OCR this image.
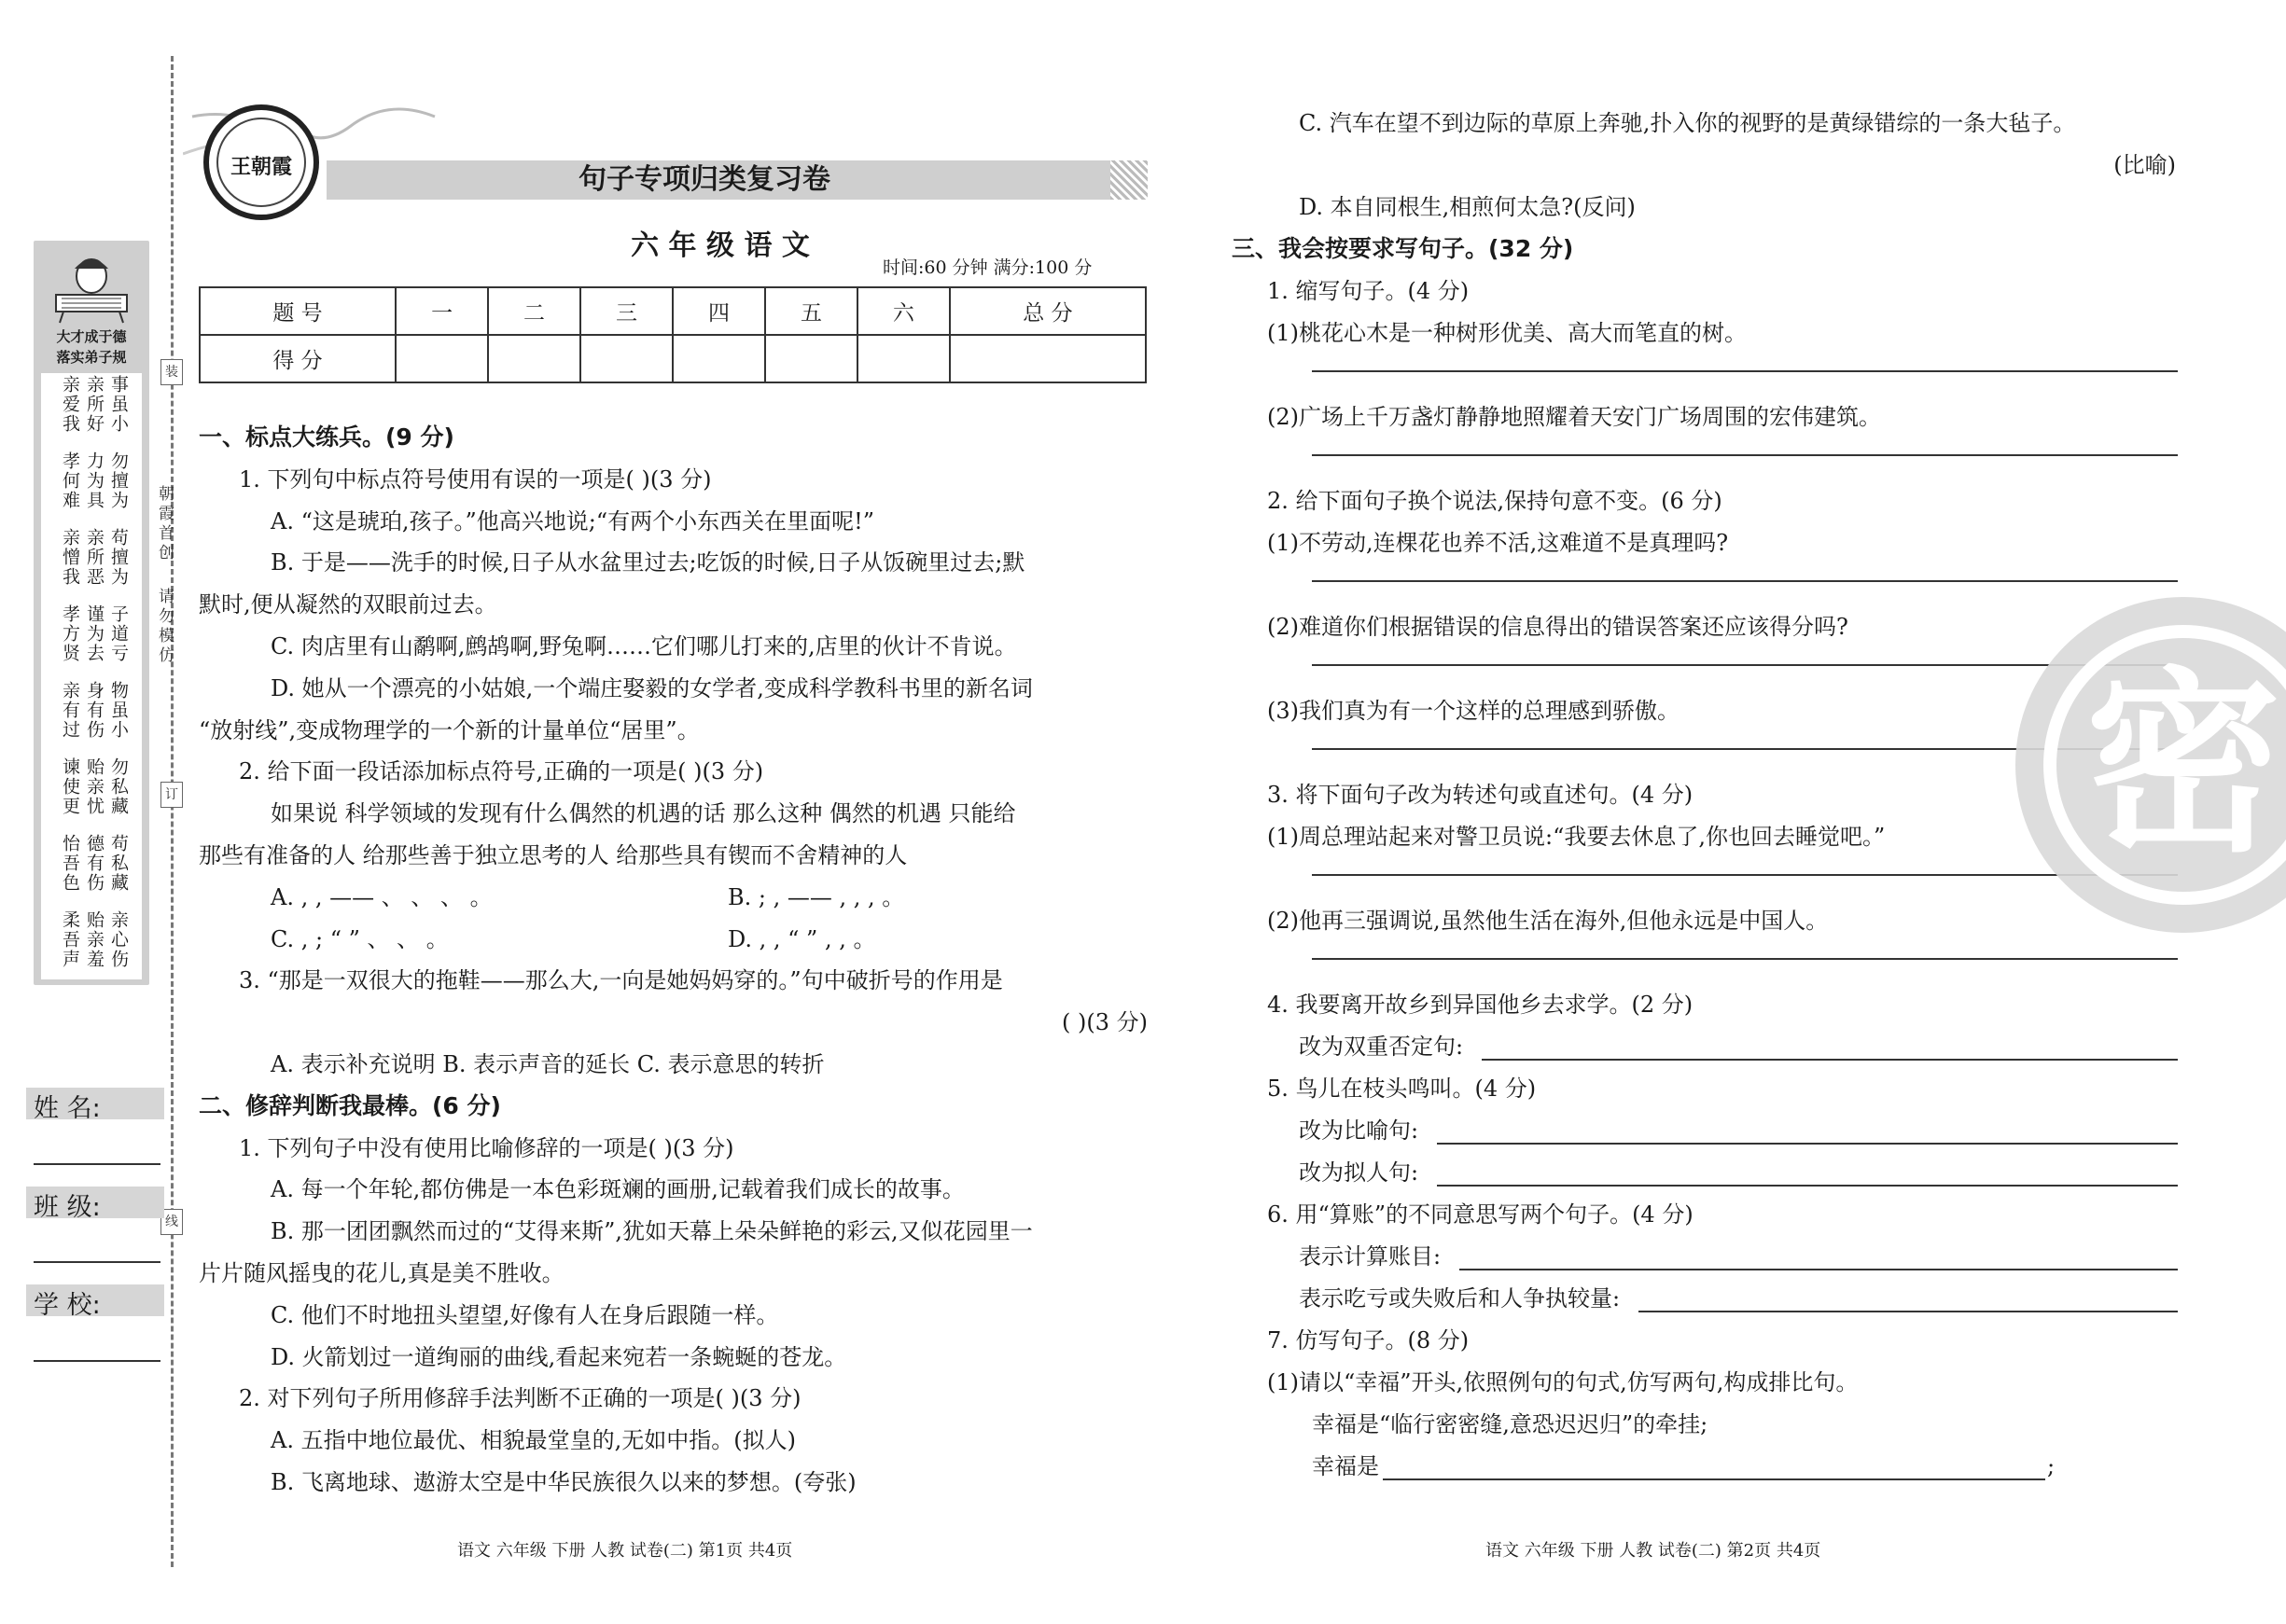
装
订
线
大才成于德
落实弟子规
事虽小
亲所好
亲爱我
勿擅为
力为具
孝何难
苟擅为
亲所恶
亲憎我
子道亏
谨为去
孝方贤
物虽小
身有伤
亲有过
勿私藏
贻亲忧
谏使更
苟私藏
德有伤
怡吾色
亲心伤
贻亲羞
柔吾声
朝霞首创
请勿模仿
姓 名:
班 级:
学 校:
王朝霞	句子专项归类复习卷
六 年 级 语 文
时间:60 分钟 满分:100 分
题 号	一	二	三	四	五	六	总 分
得 分							
一、标点大练兵。(9 分)
1. 下列句中标点符号使用有误的一项是( )(3 分)
A. “这是琥珀,孩子。”他高兴地说;“有两个小东西关在里面呢!”
B. 于是——洗手的时候,日子从水盆里过去;吃饭的时候,日子从饭碗里过去;默
默时,便从凝然的双眼前过去。
C. 肉店里有山鹬啊,鹧鸪啊,野兔啊……它们哪儿打来的,店里的伙计不肯说。
D. 她从一个漂亮的小姑娘,一个端庄娶毅的女学者,变成科学教科书里的新名词
“放射线”,变成物理学的一个新的计量单位“居里”。
2. 给下面一段话添加标点符号,正确的一项是( )(3 分)
如果说 科学领域的发现有什么偶然的机遇的话 那么这种 偶然的机遇 只能给
那些有准备的人 给那些善于独立思考的人 给那些具有锲而不舍精神的人
A. , , —— 、 、 、 。	B. ; , —— , , , 。
C. , ; “ ” 、 、 。	D. , , “ ” , , 。
3. “那是一双很大的拖鞋——那么大,一向是她妈妈穿的。”句中破折号的作用是
( )(3 分)
A. 表示补充说明 B. 表示声音的延长 C. 表示意思的转折
二、修辞判断我最棒。(6 分)
1. 下列句子中没有使用比喻修辞的一项是( )(3 分)
A. 每一个年轮,都仿佛是一本色彩斑斓的画册,记载着我们成长的故事。
B. 那一团团飘然而过的“艾得来斯”,犹如天幕上朵朵鲜艳的彩云,又似花园里一
片片随风摇曳的花儿,真是美不胜收。
C. 他们不时地扭头望望,好像有人在身后跟随一样。
D. 火箭划过一道绚丽的曲线,看起来宛若一条蜿蜒的苍龙。
2. 对下列句子所用修辞手法判断不正确的一项是( )(3 分)
A. 五指中地位最优、相貌最堂皇的,无如中指。(拟人)
B. 飞离地球、遨游太空是中华民族很久以来的梦想。(夸张)
C. 汽车在望不到边际的草原上奔驰,扑入你的视野的是黄绿错综的一条大毡子。
(比喻)
D. 本自同根生,相煎何太急?(反问)
三、我会按要求写句子。(32 分)
1. 缩写句子。(4 分)
(1)桃花心木是一种树形优美、高大而笔直的树。
(2)广场上千万盏灯静静地照耀着天安门广场周围的宏伟建筑。
2. 给下面句子换个说法,保持句意不变。(6 分)
(1)不劳动,连棵花也养不活,这难道不是真理吗?
(2)难道你们根据错误的信息得出的错误答案还应该得分吗?
(3)我们真为有一个这样的总理感到骄傲。
3. 将下面句子改为转述句或直述句。(4 分)
(1)周总理站起来对警卫员说:“我要去休息了,你也回去睡觉吧。”
(2)他再三强调说,虽然他生活在海外,但他永远是中国人。
4. 我要离开故乡到异国他乡去求学。(2 分)
改为双重否定句:
5. 鸟儿在枝头鸣叫。(4 分)
改为比喻句:
改为拟人句:
6. 用“算账”的不同意思写两个句子。(4 分)
表示计算账目:
表示吃亏或失败后和人争执较量:
7. 仿写句子。(8 分)
(1)请以“幸福”开头,依照例句的句式,仿写两句,构成排比句。
幸福是“临行密密缝,意恐迟迟归”的牵挂;
幸福是	;
密
语文 六年级 下册 人教 试卷(二) 第1页 共4页	语文 六年级 下册 人教 试卷(二) 第2页 共4页
